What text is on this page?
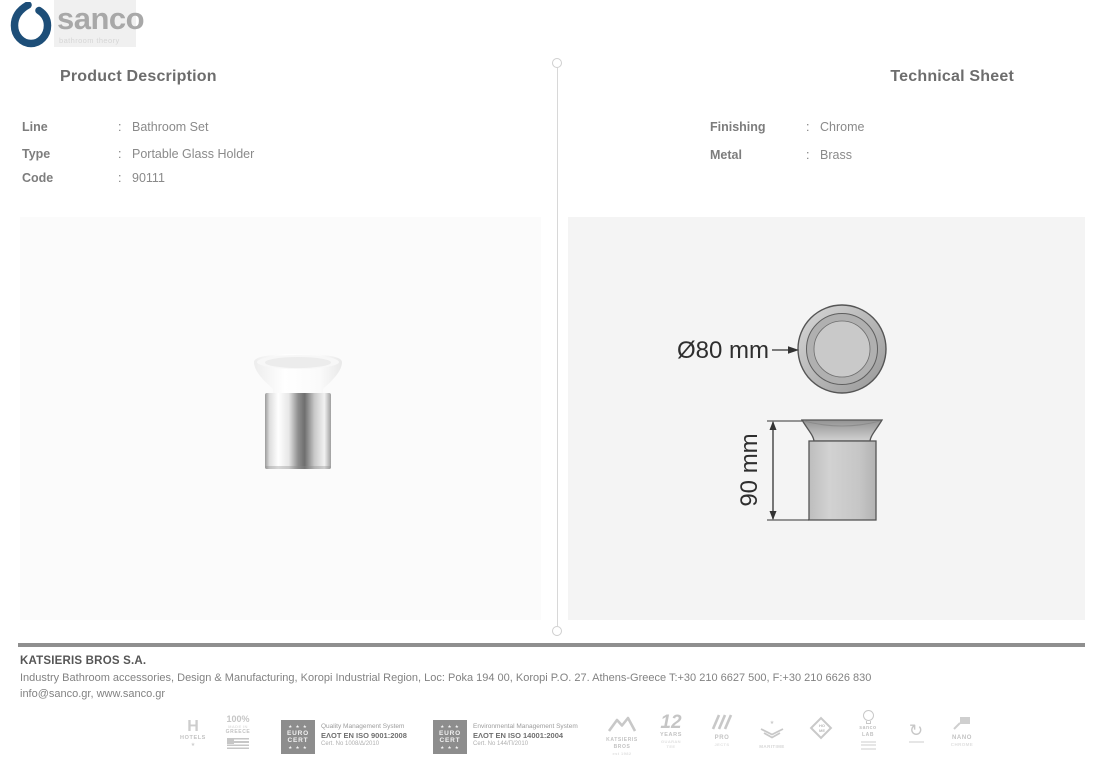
sanco
bathroom theory
Product Description
Line	: Bathroom Set
Type	: Portable Glass Holder
Code	: 90111
Technical Sheet
Finishing	: Chrome
Metal	: Brass
Ø80 mm
90 mm
KATSIERIS BROS S.A.
Industry Bathroom accessories, Design & Manufacturing, Koropi Industrial Region, Loc: Poka 194 00, Koropi P.O. 27. Athens-Greece T:+30 210 6627 500, F:+30 210 6626 830
info@sanco.gr, www.sanco.gr
H
HOTELS
★
100%
MADE IN
GREECE
★ ★ ★
EURO
CERT
★ ★ ★
Quality Management System
EΛOT EN ISO 9001:2008
Cert. No 1008/Δ/2010
★ ★ ★
EURO
CERT
★ ★ ★
Environmental Management System
EΛOT EN ISO 14001:2004
Cert. No 144/Π/2010
KATSIERIS
BROS
est 1982
12
YEARS
GUARAN
TEE
PRO
JECTS
★
MARITIME
HO
ME	sanco
LAB	↻	NANO
CHROME
